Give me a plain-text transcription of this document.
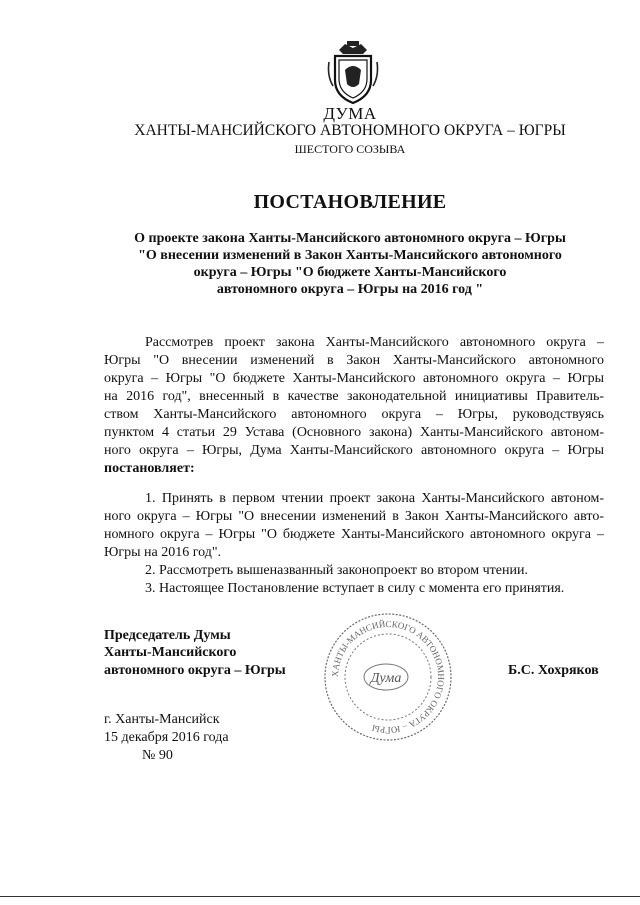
ДУМА
ХАНТЫ-МАНСИЙСКОГО АВТОНОМНОГО ОКРУГА – ЮГРЫ
ШЕСТОГО СОЗЫВА
ПОСТАНОВЛЕНИЕ
О проекте закона Ханты-Мансийского автономного округа – Югры
"О внесении изменений в Закон Ханты-Мансийского автономного
округа – Югры "О бюджете Ханты-Мансийского
автономного округа – Югры на 2016 год "
Рассмотрев проект закона Ханты-Мансийского автономного округа –
Югры "О внесении изменений в Закон Ханты-Мансийского автономного
округа – Югры "О бюджете Ханты-Мансийского автономного округа – Югры
на 2016 год", внесенный в качестве законодательной инициативы Правитель-
ством Ханты-Мансийского автономного округа – Югры, руководствуясь
пунктом 4 статьи 29 Устава (Основного закона) Ханты-Мансийского автоном-
ного округа – Югры, Дума Ханты-Мансийского автономного округа – Югры
постановляет:
1. Принять в первом чтении проект закона Ханты-Мансийского автоном-
ного округа – Югры "О внесении изменений в Закон Ханты-Мансийского авто-
номного округа – Югры "О бюджете Ханты-Мансийского автономного округа –
Югры на 2016 год".
2. Рассмотреть вышеназванный законопроект во втором чтении.
3. Настоящее Постановление вступает в силу с момента его принятия.
Председатель Думы
Ханты-Мансийского
автономного округа – Югры	Б.С. Хохряков
ХАНТЫ-МАНСИЙСКОГО АВТОНОМНОГО ОКРУГА – ЮГРЫ
Дума
г. Ханты-Мансийск
15 декабря 2016 года
№ 90
